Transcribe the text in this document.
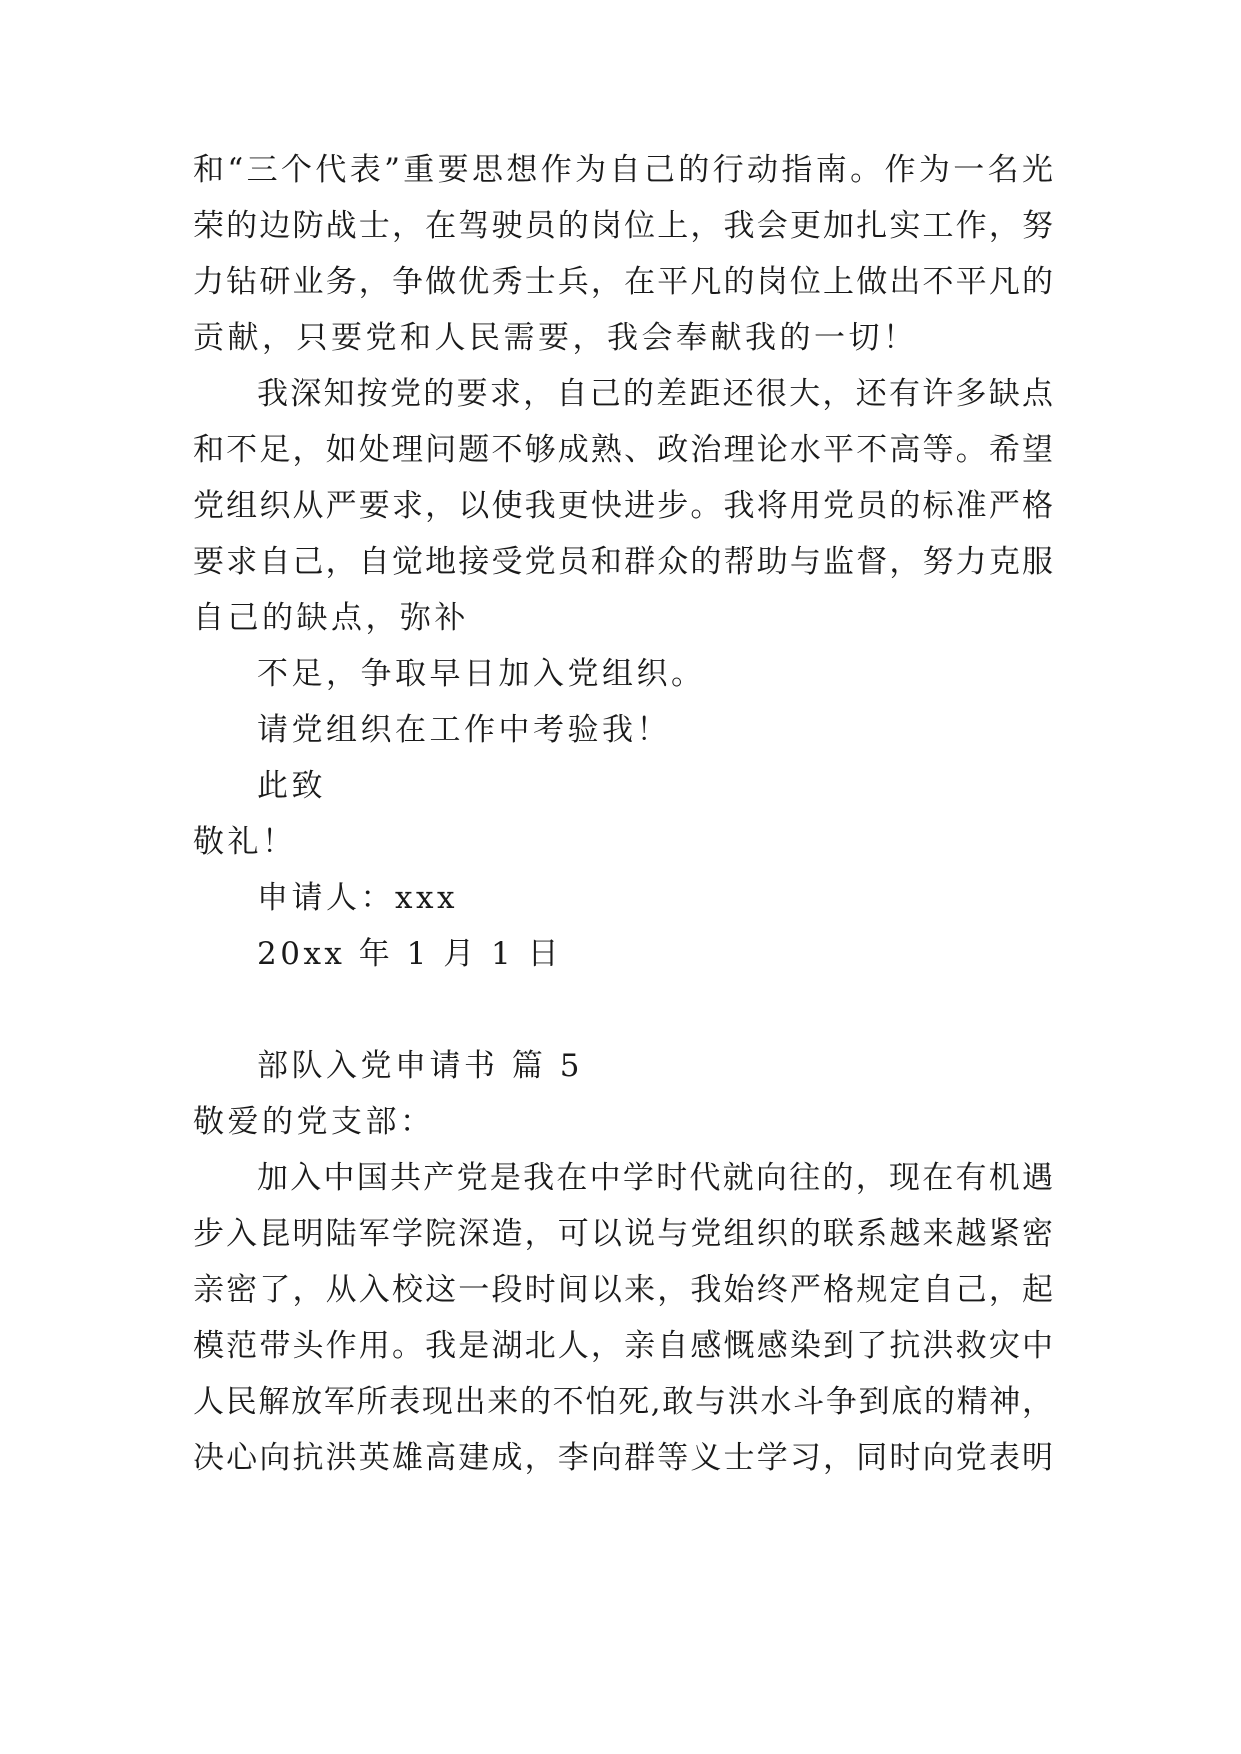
和“三个代表”重要思想作为自己的行动指南。作为一名光
荣的边防战士，在驾驶员的岗位上，我会更加扎实工作，努
力钻研业务，争做优秀士兵，在平凡的岗位上做出不平凡的
贡献，只要党和人民需要，我会奉献我的一切！
我深知按党的要求，自己的差距还很大，还有许多缺点
和不足，如处理问题不够成熟、政治理论水平不高等。希望
党组织从严要求，以使我更快进步。我将用党员的标准严格
要求自己，自觉地接受党员和群众的帮助与监督，努力克服
自己的缺点，弥补
不足，争取早日加入党组织。
请党组织在工作中考验我！
此致
敬礼！
申请人：xxx
20xx 年 1 月 1 日
部队入党申请书 篇 5
敬爱的党支部：
加入中国共产党是我在中学时代就向往的，现在有机遇
步入昆明陆军学院深造，可以说与党组织的联系越来越紧密
亲密了，从入校这一段时间以来，我始终严格规定自己，起
模范带头作用。我是湖北人，亲自感慨感染到了抗洪救灾中
人民解放军所表现出来的不怕死,敢与洪水斗争到底的精神，
决心向抗洪英雄高建成，李向群等义士学习，同时向党表明
